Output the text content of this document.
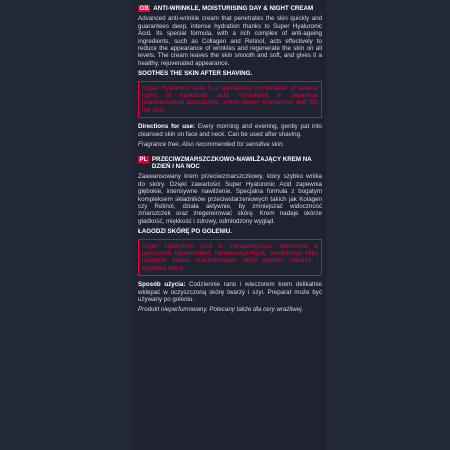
GB ANTI-WRINKLE, MOISTURISING DAY & NIGHT CREAM

Advanced anti-wrinkle cream that penetrates the skin quickly and guarantees deep, intense hydration thanks to Super Hyaluronic Acid. Its special formula, with a rich complex of anti-ageing ingredients, such as Collagen and Retinol, acts effectively to reduce the appearance of wrinkles and regenerate the skin on all levels. The cream leaves the skin smooth and soft, and gives it a healthy, rejuvenated appearance.

SOOTHES THE SKIN AFTER SHAVING.

Super Hyaluronic Acid is a specialized combination of several types of hyaluronic acid, formulated in Japanese pharmaceutical laboratories, which deeply moisturizes and fills the skin.

Directions for use: Every morning and evening, gently pat into cleansed skin on face and neck. Can be used after shaving.

Fragrance free. Also recommended for sensitive skin.

PL PRZECIWZMARSZCZKOWO-NAWILŻAJĄCY KREM NA DZIEŃ I NA NOC

Zaawansowany krem przeciwzmarszczkowy, który szybko wnika do skóry. Dzięki zawartości Super Hyaluronic Acid zapewnia głębokie, intensywne nawilżenie. Specjalna formuła z bogatym kompleksem składników przeciwstarzeniowych takich jak Kolagen czy Retinol, działa aktywnie, by zmniejszać widoczność zmarszczek oraz zregenerować skórę. Krem nadaje skórze gładkość, miękkość i zdrowy, odmłodzony wygląd.

ŁAGODZI SKÓRĘ PO GOLENIU.

Super Hyaluronic Acid to specjalistyczna, stworzona w japońskich laboratoriach farmaceutycznych, kombinacja kilku rodzajów kwasu hialuronowego, który głęboko nawilża i wypełnia skórę.

Sposób użycia: Codziennie rano i wieczorem krem delikatnie wklepać w oczyszczoną skórę twarzy i szyi. Preparat może być używany po goleniu.

Produkt nieperfumowany. Polecany także dla cery wrażliwej.
